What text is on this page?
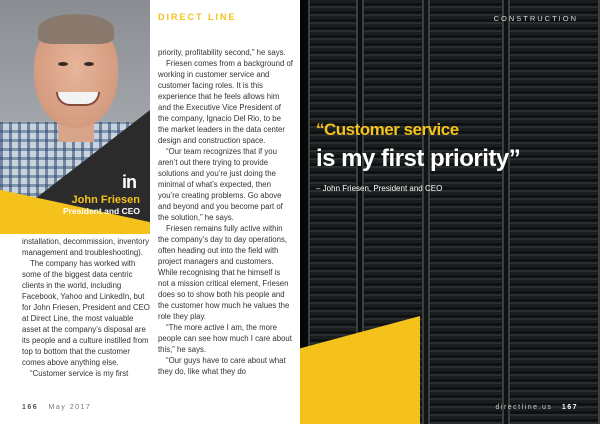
in
John Friesen
President and CEO
DIRECT LINE

installation, decommission, inventory management and troubleshooting).

The company has worked with some of the biggest data centric clients in the world, including Facebook, Yahoo and LinkedIn, but for John Friesen, President and CEO at Direct Line, the most valuable asset at the company’s disposal are its people and a culture instilled from top to bottom that the customer comes above anything else.

“Customer service is my first

priority, profitability second,” he says.

Friesen comes from a background of working in customer service and customer facing roles. It is this experience that he feels allows him and the Executive Vice President of the company, Ignacio Del Rio, to be the market leaders in the data center design and construction space.

“Our team recognizes that if you aren’t out there trying to provide solutions and you’re just doing the minimal of what’s expected, then you’re creating problems. Go above and beyond and you become part of the solution,” he says.

Friesen remains fully active within the company’s day to day operations, often heading out into the field with project managers and customers. While recognising that he himself is not a mission critical element, Friesen does so to show both his people and the customer how much he values the role they play.

“The more active I am, the more people can see how much I care about this,” he says.

“Our guys have to care about what they do, like what they do

166 May 2017
CONSTRUCTION
“Customer service
is my first priority”
– John Friesen, President and CEO
directline.us 167
